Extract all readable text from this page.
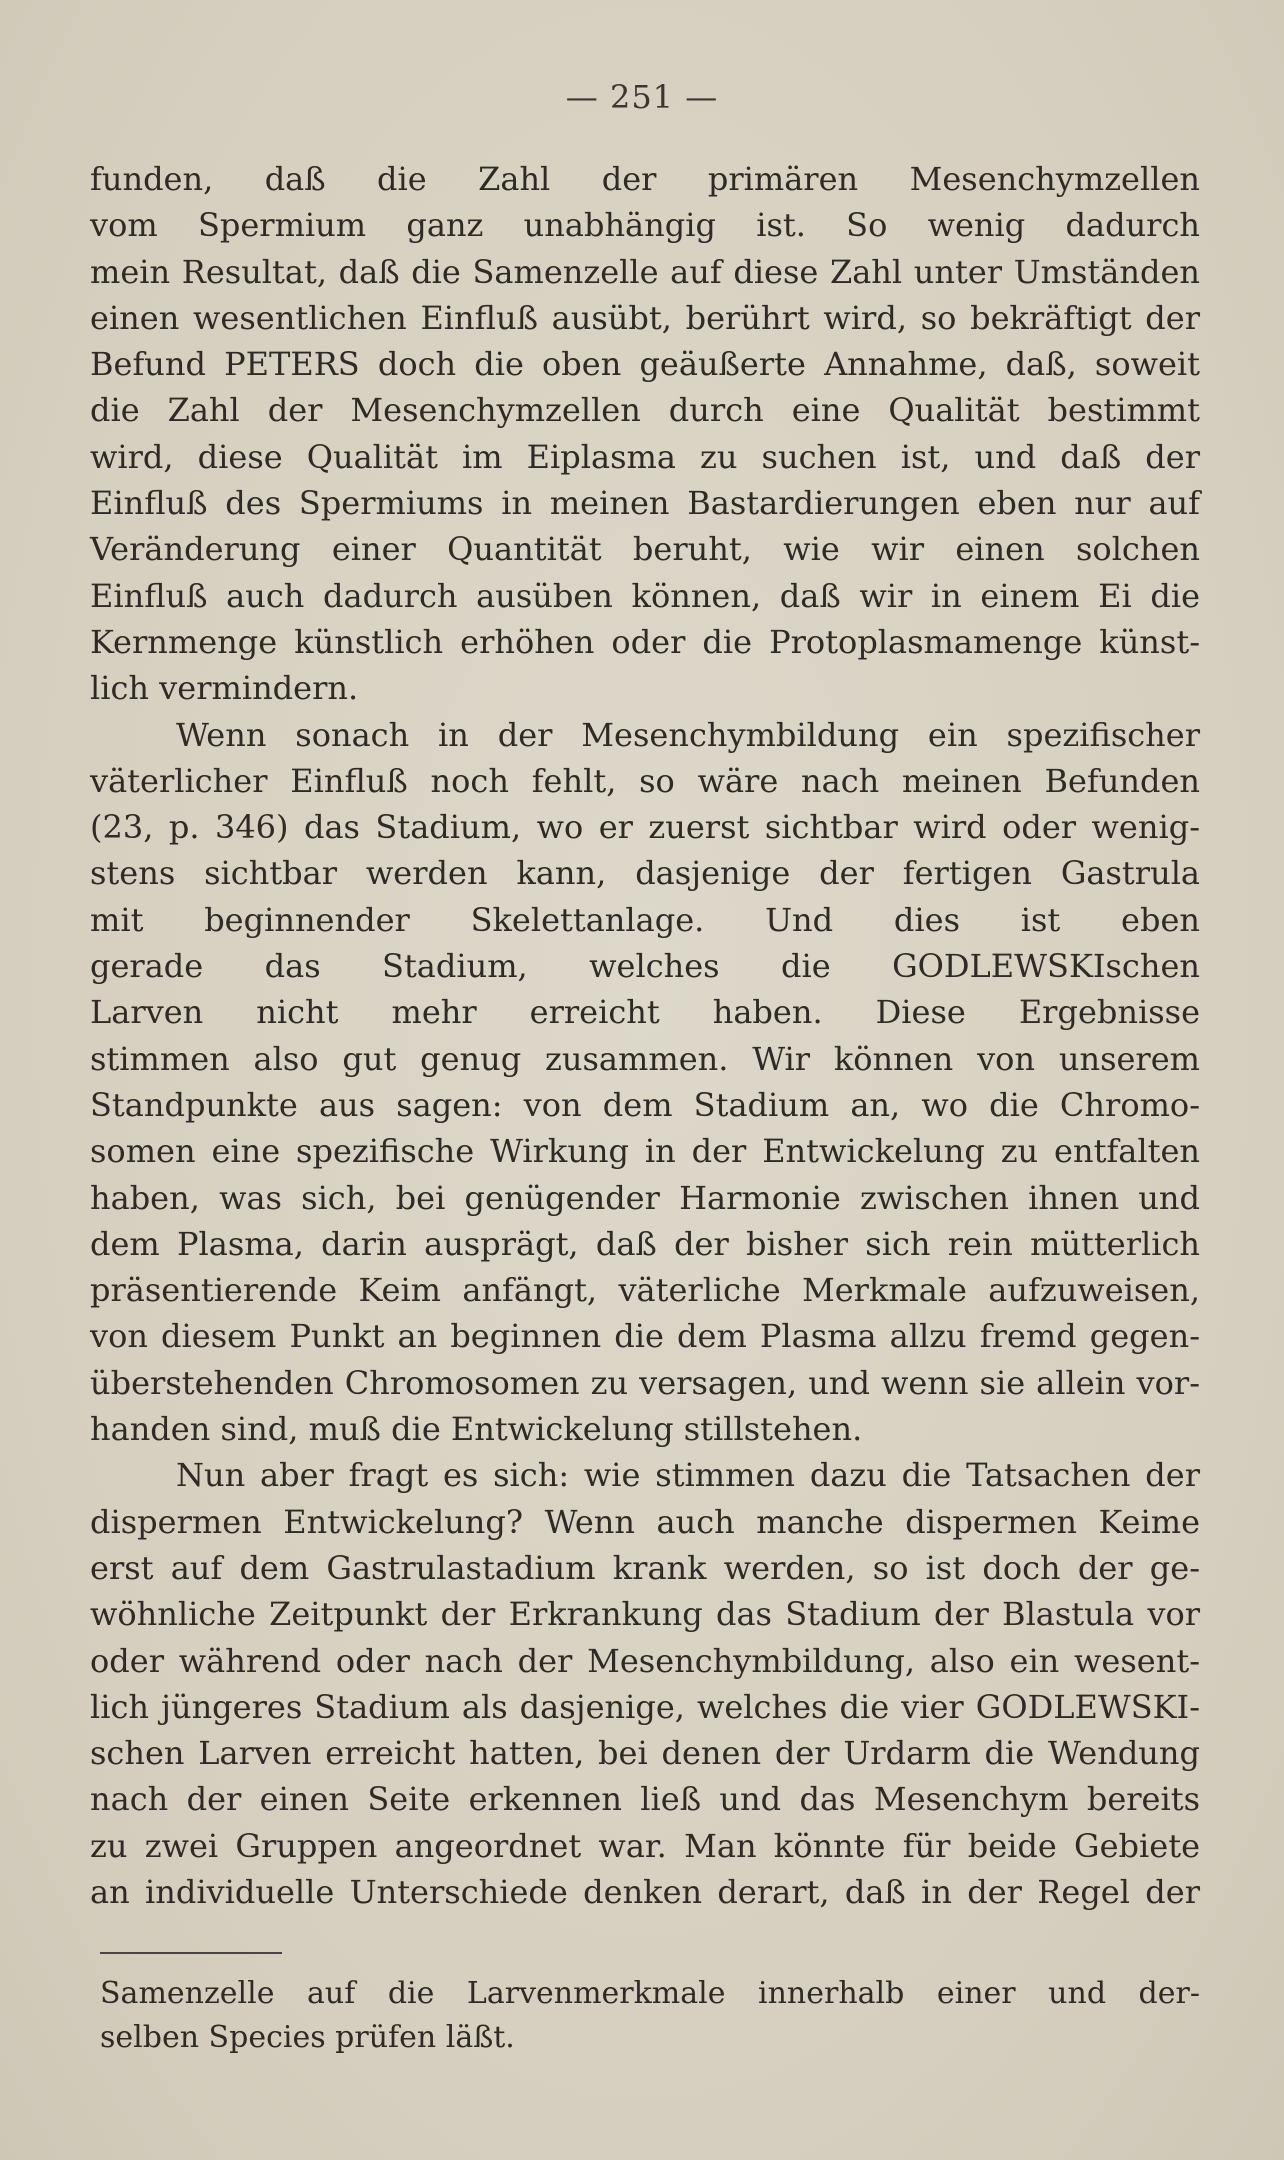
— 251 —
funden, daß die Zahl der primären Mesenchymzellen
vom Spermium ganz unabhängig ist. So wenig dadurch
mein Resultat, daß die Samenzelle auf diese Zahl unter Umständen
einen wesentlichen Einfluß ausübt, berührt wird, so bekräftigt der
Befund PETERS doch die oben geäußerte Annahme, daß, soweit
die Zahl der Mesenchymzellen durch eine Qualität bestimmt
wird, diese Qualität im Eiplasma zu suchen ist, und daß der
Einfluß des Spermiums in meinen Bastardierungen eben nur auf
Veränderung einer Quantität beruht, wie wir einen solchen
Einfluß auch dadurch ausüben können, daß wir in einem Ei die
Kernmenge künstlich erhöhen oder die Protoplasmamenge künst-
lich vermindern.
Wenn sonach in der Mesenchymbildung ein spezifischer
väterlicher Einfluß noch fehlt, so wäre nach meinen Befunden
(23, p. 346) das Stadium, wo er zuerst sichtbar wird oder wenig-
stens sichtbar werden kann, dasjenige der fertigen Gastrula
mit beginnender Skelettanlage. Und dies ist eben
gerade das Stadium, welches die GODLEWSKIschen
Larven nicht mehr erreicht haben. Diese Ergebnisse
stimmen also gut genug zusammen. Wir können von unserem
Standpunkte aus sagen: von dem Stadium an, wo die Chromo-
somen eine spezifische Wirkung in der Entwickelung zu entfalten
haben, was sich, bei genügender Harmonie zwischen ihnen und
dem Plasma, darin ausprägt, daß der bisher sich rein mütterlich
präsentierende Keim anfängt, väterliche Merkmale aufzuweisen,
von diesem Punkt an beginnen die dem Plasma allzu fremd gegen-
überstehenden Chromosomen zu versagen, und wenn sie allein vor-
handen sind, muß die Entwickelung stillstehen.
Nun aber fragt es sich: wie stimmen dazu die Tatsachen der
dispermen Entwickelung? Wenn auch manche dispermen Keime
erst auf dem Gastrulastadium krank werden, so ist doch der ge-
wöhnliche Zeitpunkt der Erkrankung das Stadium der Blastula vor
oder während oder nach der Mesenchymbildung, also ein wesent-
lich jüngeres Stadium als dasjenige, welches die vier GODLEWSKI-
schen Larven erreicht hatten, bei denen der Urdarm die Wendung
nach der einen Seite erkennen ließ und das Mesenchym bereits
zu zwei Gruppen angeordnet war. Man könnte für beide Gebiete
an individuelle Unterschiede denken derart, daß in der Regel der
Samenzelle auf die Larvenmerkmale innerhalb einer und der-
selben Species prüfen läßt.
